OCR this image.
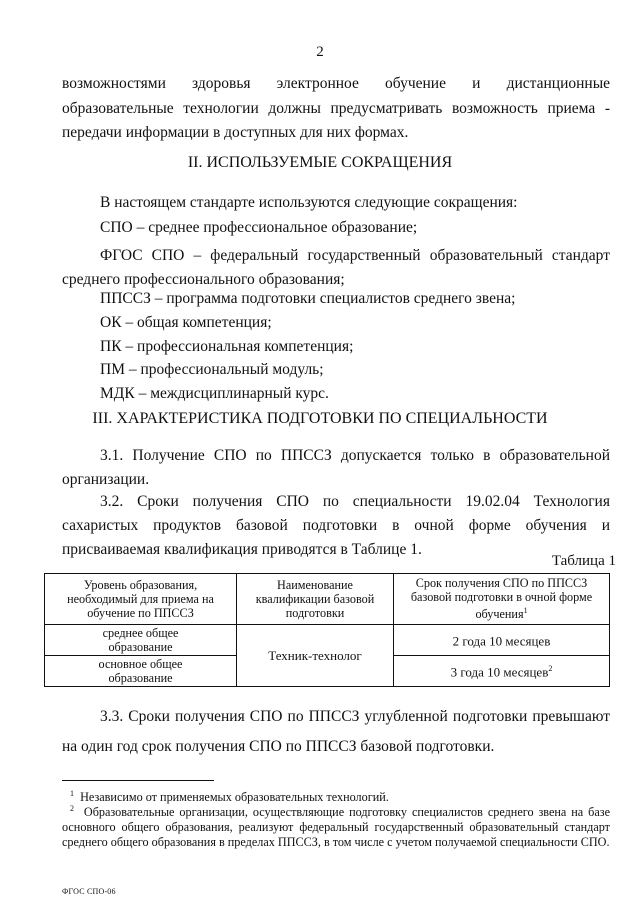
2
возможностями здоровья электронное обучение и дистанционные образовательные технологии должны предусматривать возможность приема - передачи информации в доступных для них формах.
II. ИСПОЛЬЗУЕМЫЕ СОКРАЩЕНИЯ
В настоящем стандарте используются следующие сокращения:
СПО – среднее профессиональное образование;
ФГОС СПО – федеральный государственный образовательный стандарт среднего профессионального образования;
ППССЗ – программа подготовки специалистов среднего звена;
ОК – общая компетенция;
ПК – профессиональная компетенция;
ПМ – профессиональный модуль;
МДК – междисциплинарный курс.
III. ХАРАКТЕРИСТИКА ПОДГОТОВКИ ПО СПЕЦИАЛЬНОСТИ
3.1. Получение СПО по ППССЗ допускается только в образовательной организации.
3.2. Сроки получения СПО по специальности 19.02.04 Технология сахаристых продуктов базовой подготовки в очной форме обучения и присваиваемая квалификация приводятся в Таблице 1.
Таблица 1
Уровень образования, необходимый для приема на обучение по ППССЗ	Наименование квалификации базовой подготовки	Срок получения СПО по ППССЗ базовой подготовки в очной форме обучения$^1$
среднее общее образование	Техник-технолог	2 года 10 месяцев
основное общее образование		3 года 10 месяцев$^2$
3.3. Сроки получения СПО по ППССЗ углубленной подготовки превышают на один год срок получения СПО по ППССЗ базовой подготовки.
$^1$ Независимо от применяемых образовательных технологий.
$^2$ Образовательные организации, осуществляющие подготовку специалистов среднего звена на базе основного общего образования, реализуют федеральный государственный образовательный стандарт среднего общего образования в пределах ППССЗ, в том числе с учетом получаемой специальности СПО.
ФГОС СПО-06
